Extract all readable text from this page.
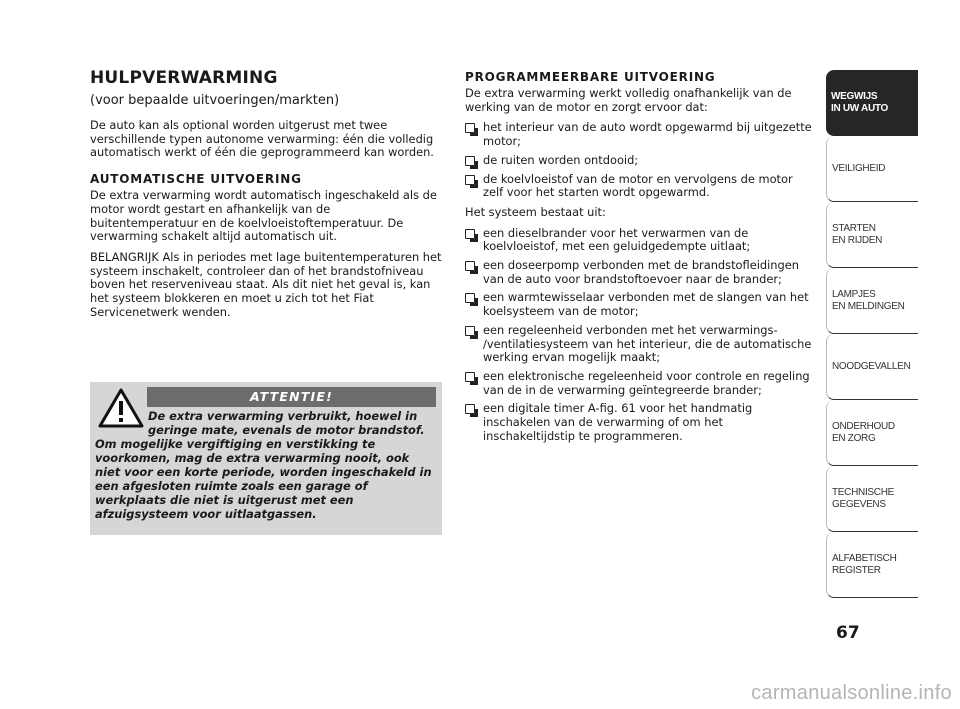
HULPVERWARMING
(voor bepaalde uitvoeringen/markten)

De auto kan als optional worden uitgerust met twee verschillende typen autonome verwarming: één die volledig automatisch werkt of één die geprogrammeerd kan worden.

AUTOMATISCHE UITVOERING

De extra verwarming wordt automatisch ingeschakeld als de motor wordt gestart en afhankelijk van de buitentemperatuur en de koelvloeistoftemperatuur. De verwarming schakelt altijd automatisch uit.

BELANGRIJK Als in periodes met lage buitentemperaturen het systeem inschakelt, controleer dan of het brandstofniveau boven het reserveniveau staat. Als dit niet het geval is, kan het systeem blokkeren en moet u zich tot het Fiat Servicenetwerk wenden.

ATTENTIE!
De extra verwarming verbruikt, hoewel in geringe mate, evenals de motor brandstof. Om mogelijke vergiftiging en verstikking te voorkomen, mag de extra verwarming nooit, ook niet voor een korte periode, worden ingeschakeld in een afgesloten ruimte zoals een garage of werkplaats die niet is uitgerust met een afzuigsysteem voor uitlaatgassen.
PROGRAMMEERBARE UITVOERING

De extra verwarming werkt volledig onafhankelijk van de werking van de motor en zorgt ervoor dat:

het interieur van de auto wordt opgewarmd bij uitgezette motor;
de ruiten worden ontdooid;
de koelvloeistof van de motor en vervolgens de motor zelf voor het starten wordt opgewarmd.

Het systeem bestaat uit:

een dieselbrander voor het verwarmen van de koelvloeistof, met een geluidgedempte uitlaat;
een doseerpomp verbonden met de brandstofleidingen van de auto voor brandstoftoevoer naar de brander;
een warmtewisselaar verbonden met de slangen van het koelsysteem van de motor;
een regeleenheid verbonden met het verwarmings- /ventilatiesysteem van het interieur, die de automatische werking ervan mogelijk maakt;
een elektronische regeleenheid voor controle en regeling van de in de verwarming geïntegreerde brander;
een digitale timer A-fig. 61 voor het handmatig inschakelen van de verwarming of om het inschakeltijdstip te programmeren.
WEGWIJS
IN UW AUTO
VEILIGHEID
STARTEN
EN RIJDEN
LAMPJES
EN MELDINGEN
NOODGEVALLEN
ONDERHOUD
EN ZORG
TECHNISCHE
GEGEVENS
ALFABETISCH
REGISTER
67
carmanualsonline.info
